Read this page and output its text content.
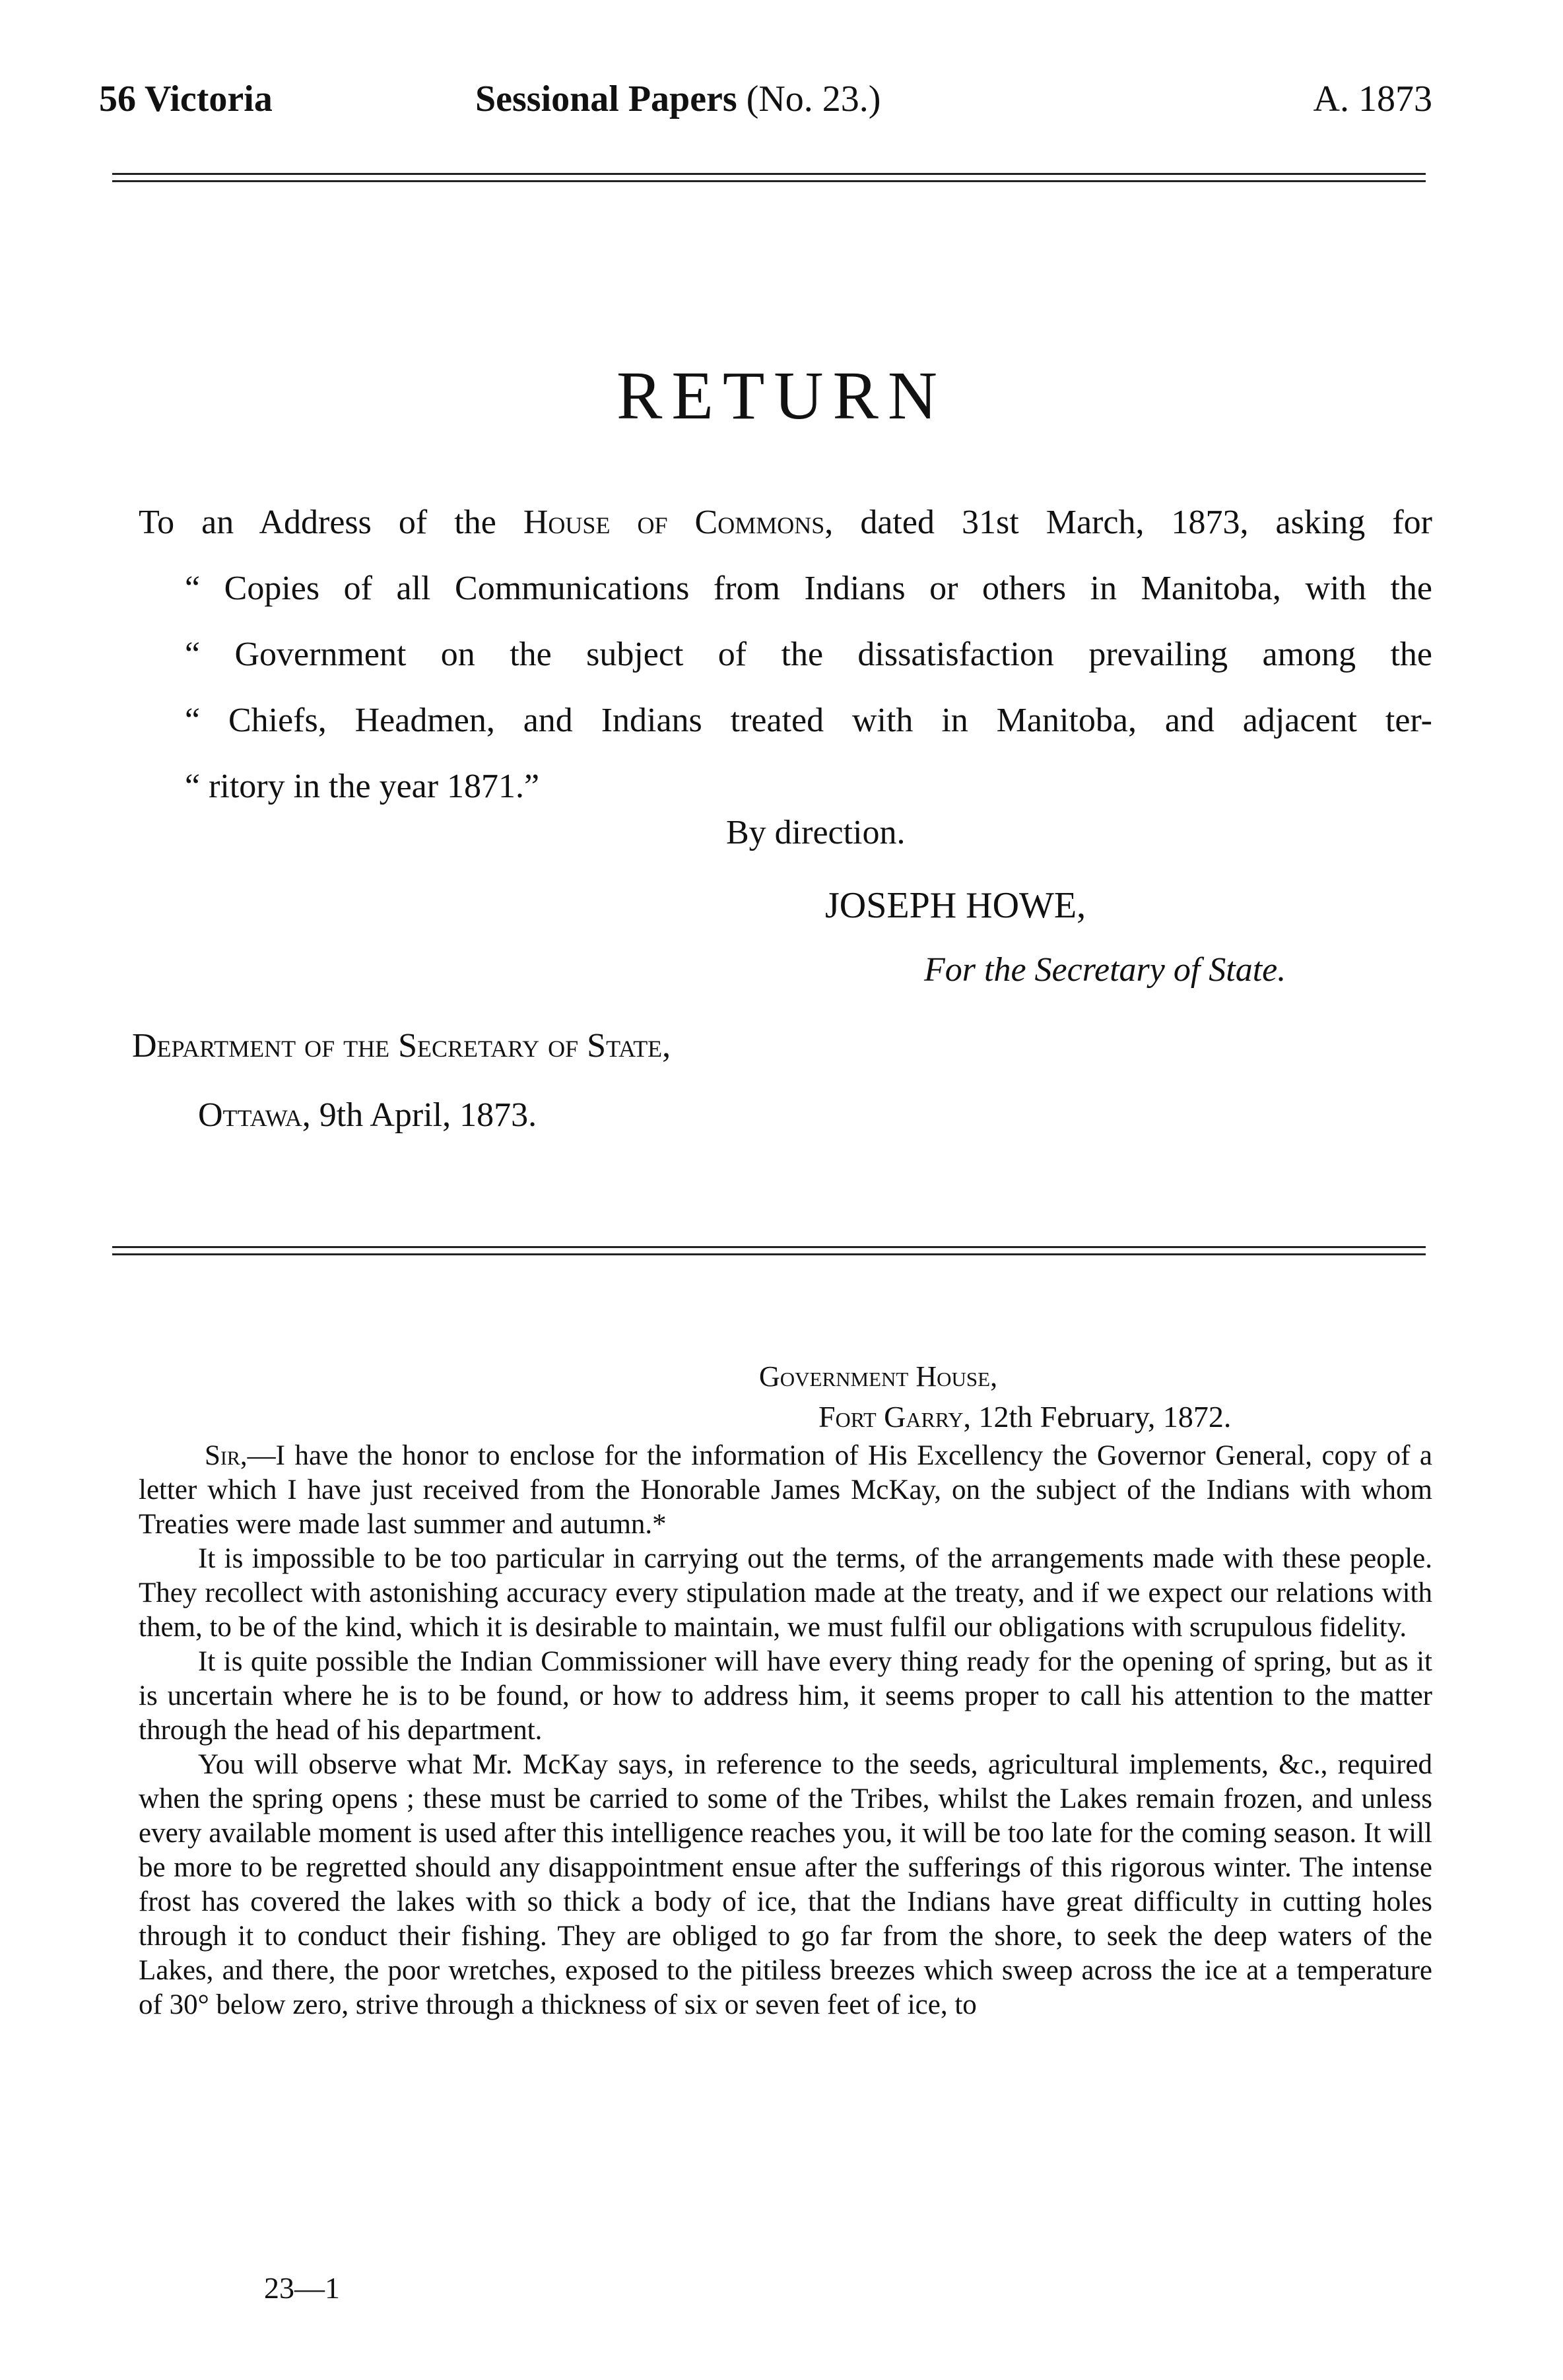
56 Victoria	Sessional Papers (No. 23.)	A. 1873
RETURN
To an Address of the House of Commons, dated 31st March, 1873, asking for
“ Copies of all Communications from Indians or others in Manitoba, with the
“ Government on the subject of the dissatisfaction prevailing among the
“ Chiefs, Headmen, and Indians treated with in Manitoba, and adjacent ter-
“ ritory in the year 1871.”
By direction.
JOSEPH HOWE,
For the Secretary of State.
Department of the Secretary of State,
Ottawa, 9th April, 1873.
Government House,
Fort Garry, 12th February, 1872.

Sir,—I have the honor to enclose for the information of His Excellency the Governor General, copy of a letter which I have just received from the Honorable James McKay, on the subject of the Indians with whom Treaties were made last summer and autumn.*

It is impossible to be too particular in carrying out the terms, of the arrangements made with these people. They recollect with astonishing accuracy every stipulation made at the treaty, and if we expect our relations with them, to be of the kind, which it is desirable to maintain, we must fulfil our obligations with scrupulous fidelity.

It is quite possible the Indian Commissioner will have every thing ready for the opening of spring, but as it is uncertain where he is to be found, or how to address him, it seems proper to call his attention to the matter through the head of his department.

You will observe what Mr. McKay says, in reference to the seeds, agricultural implements, &c., required when the spring opens ; these must be carried to some of the Tribes, whilst the Lakes remain frozen, and unless every available moment is used after this intelligence reaches you, it will be too late for the coming season. It will be more to be regretted should any disappointment ensue after the sufferings of this rigorous winter. The intense frost has covered the lakes with so thick a body of ice, that the Indians have great difficulty in cutting holes through it to conduct their fishing. They are obliged to go far from the shore, to seek the deep waters of the Lakes, and there, the poor wretches, exposed to the pitiless breezes which sweep across the ice at a temperature of 30° below zero, strive through a thickness of six or seven feet of ice, to

23—1
